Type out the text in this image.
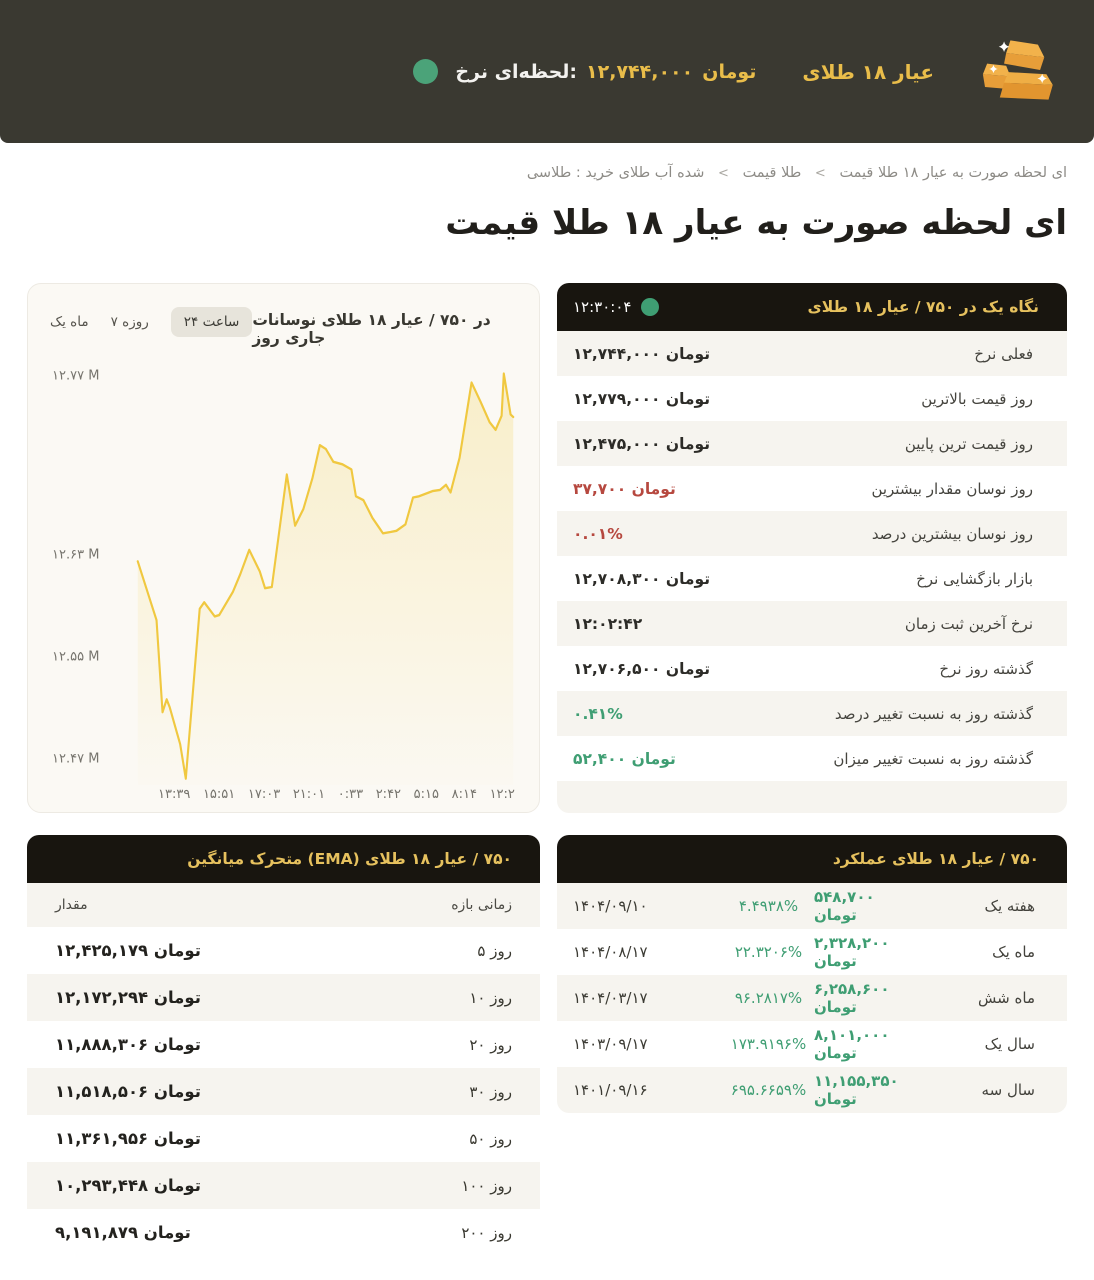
نرخ لحظه‌ای: ۱۲,۷۴۴,۰۰۰ تومان طلای ۱۸ عیار
طلاسی : خرید طلای آب شده < قیمت طلا < قیمت طلا ۱۸ عیار به صورت لحظه ای
قیمت طلا ۱۸ عیار به صورت لحظه ای
یک ماه ۷ روزه	۲۴ ساعت نوسانات طلای ۱۸ عیار / ۷۵۰ در روز جاری
۱۲.۷۷ M
۱۲.۶۳ M
۱۲.۵۵ M
۱۲.۴۷ M
۱۳:۳۹ ۱۵:۵۱ ۱۷:۰۳ ۲۱:۰۱ ۰:۳۳ ۲:۴۲ ۵:۱۵ ۸:۱۴ ۱۲:۲
۱۲:۳۰:۰۴	طلای ۱۸ عیار / ۷۵۰ در یک نگاه
۱۲,۷۴۴,۰۰۰ تومان	نرخ فعلی
۱۲,۷۷۹,۰۰۰ تومان	بالاترین قیمت روز
۱۲,۴۷۵,۰۰۰ تومان	پایین ترین قیمت روز
۳۷,۷۰۰ تومان	بیشترین مقدار نوسان روز
۰.۰۱%	درصد بیشترین نوسان روز
۱۲,۷۰۸,۳۰۰ تومان	نرخ بازگشایی بازار
۱۲:۰۲:۴۲	زمان ثبت آخرین نرخ
۱۲,۷۰۶,۵۰۰ تومان	نرخ روز گذشته
۰.۴۱%	درصد تغییر نسبت به روز گذشته
۵۲,۴۰۰ تومان	میزان تغییر نسبت به روز گذشته
میانگین متحرک (EMA) طلای ۱۸ عیار / ۷۵۰
مقدار	بازه زمانی
۱۲,۴۲۵,۱۷۹ تومان	۵ روز
۱۲,۱۷۲,۲۹۴ تومان	۱۰ روز
۱۱,۸۸۸,۳۰۶ تومان	۲۰ روز
۱۱,۵۱۸,۵۰۶ تومان	۳۰ روز
۱۱,۳۶۱,۹۵۶ تومان	۵۰ روز
۱۰,۲۹۳,۴۴۸ تومان	۱۰۰ روز
۹,۱۹۱,۸۷۹ تومان	۲۰۰ روز
عملکرد طلای ۱۸ عیار / ۷۵۰
۱۴۰۴/۰۹/۱۰	۴.۴۹۳۸% ۵۴۸,۷۰۰ تومان	یک هفته
۱۴۰۴/۰۸/۱۷	۲۲.۳۲۰۶% ۲,۳۲۸,۲۰۰ تومان	یک ماه
۱۴۰۴/۰۳/۱۷	۹۶.۲۸۱۷% ۶,۲۵۸,۶۰۰ تومان	شش ماه
۱۴۰۳/۰۹/۱۷	۱۷۳.۹۱۹۶% ۸,۱۰۱,۰۰۰ تومان	یک سال
۱۴۰۱/۰۹/۱۶	۶۹۵.۶۶۵۹% ۱۱,۱۵۵,۳۵۰ تومان	سه سال
